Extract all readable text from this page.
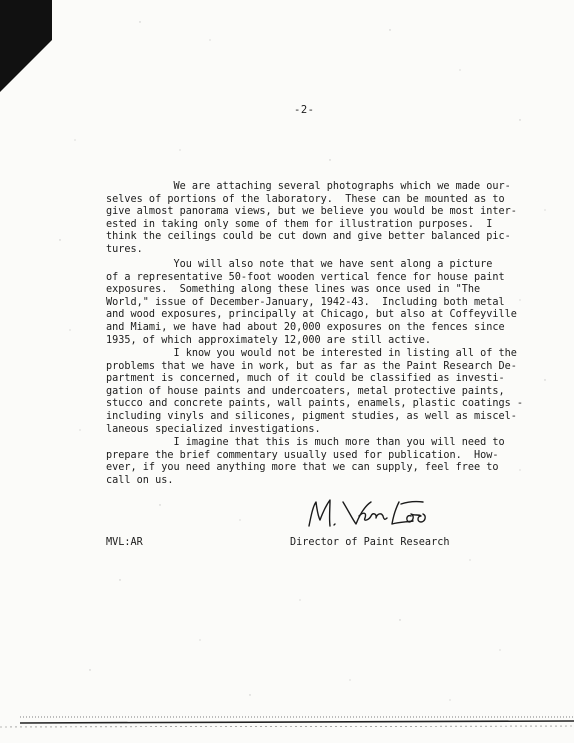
-2-
We are attaching several photographs which we made our-
selves of portions of the laboratory.  These can be mounted as to
give almost panorama views, but we believe you would be most inter-
ested in taking only some of them for illustration purposes.  I
think the ceilings could be cut down and give better balanced pic-
tures.
You will also note that we have sent along a picture
of a representative 50-foot wooden vertical fence for house paint
exposures.  Something along these lines was once used in "The
World," issue of December-January, 1942-43.  Including both metal
and wood exposures, principally at Chicago, but also at Coffeyville
and Miami, we have had about 20,000 exposures on the fences since
1935, of which approximately 12,000 are still active.
I know you would not be interested in listing all of the
problems that we have in work, but as far as the Paint Research De-
partment is concerned, much of it could be classified as investi-
gation of house paints and undercoaters, metal protective paints,
stucco and concrete paints, wall paints, enamels, plastic coatings -
including vinyls and silicones, pigment studies, as well as miscel-
laneous specialized investigations.
I imagine that this is much more than you will need to
prepare the brief commentary usually used for publication.  How-
ever, if you need anything more that we can supply, feel free to
call on us.
MVL:AR	Director of Paint Research
